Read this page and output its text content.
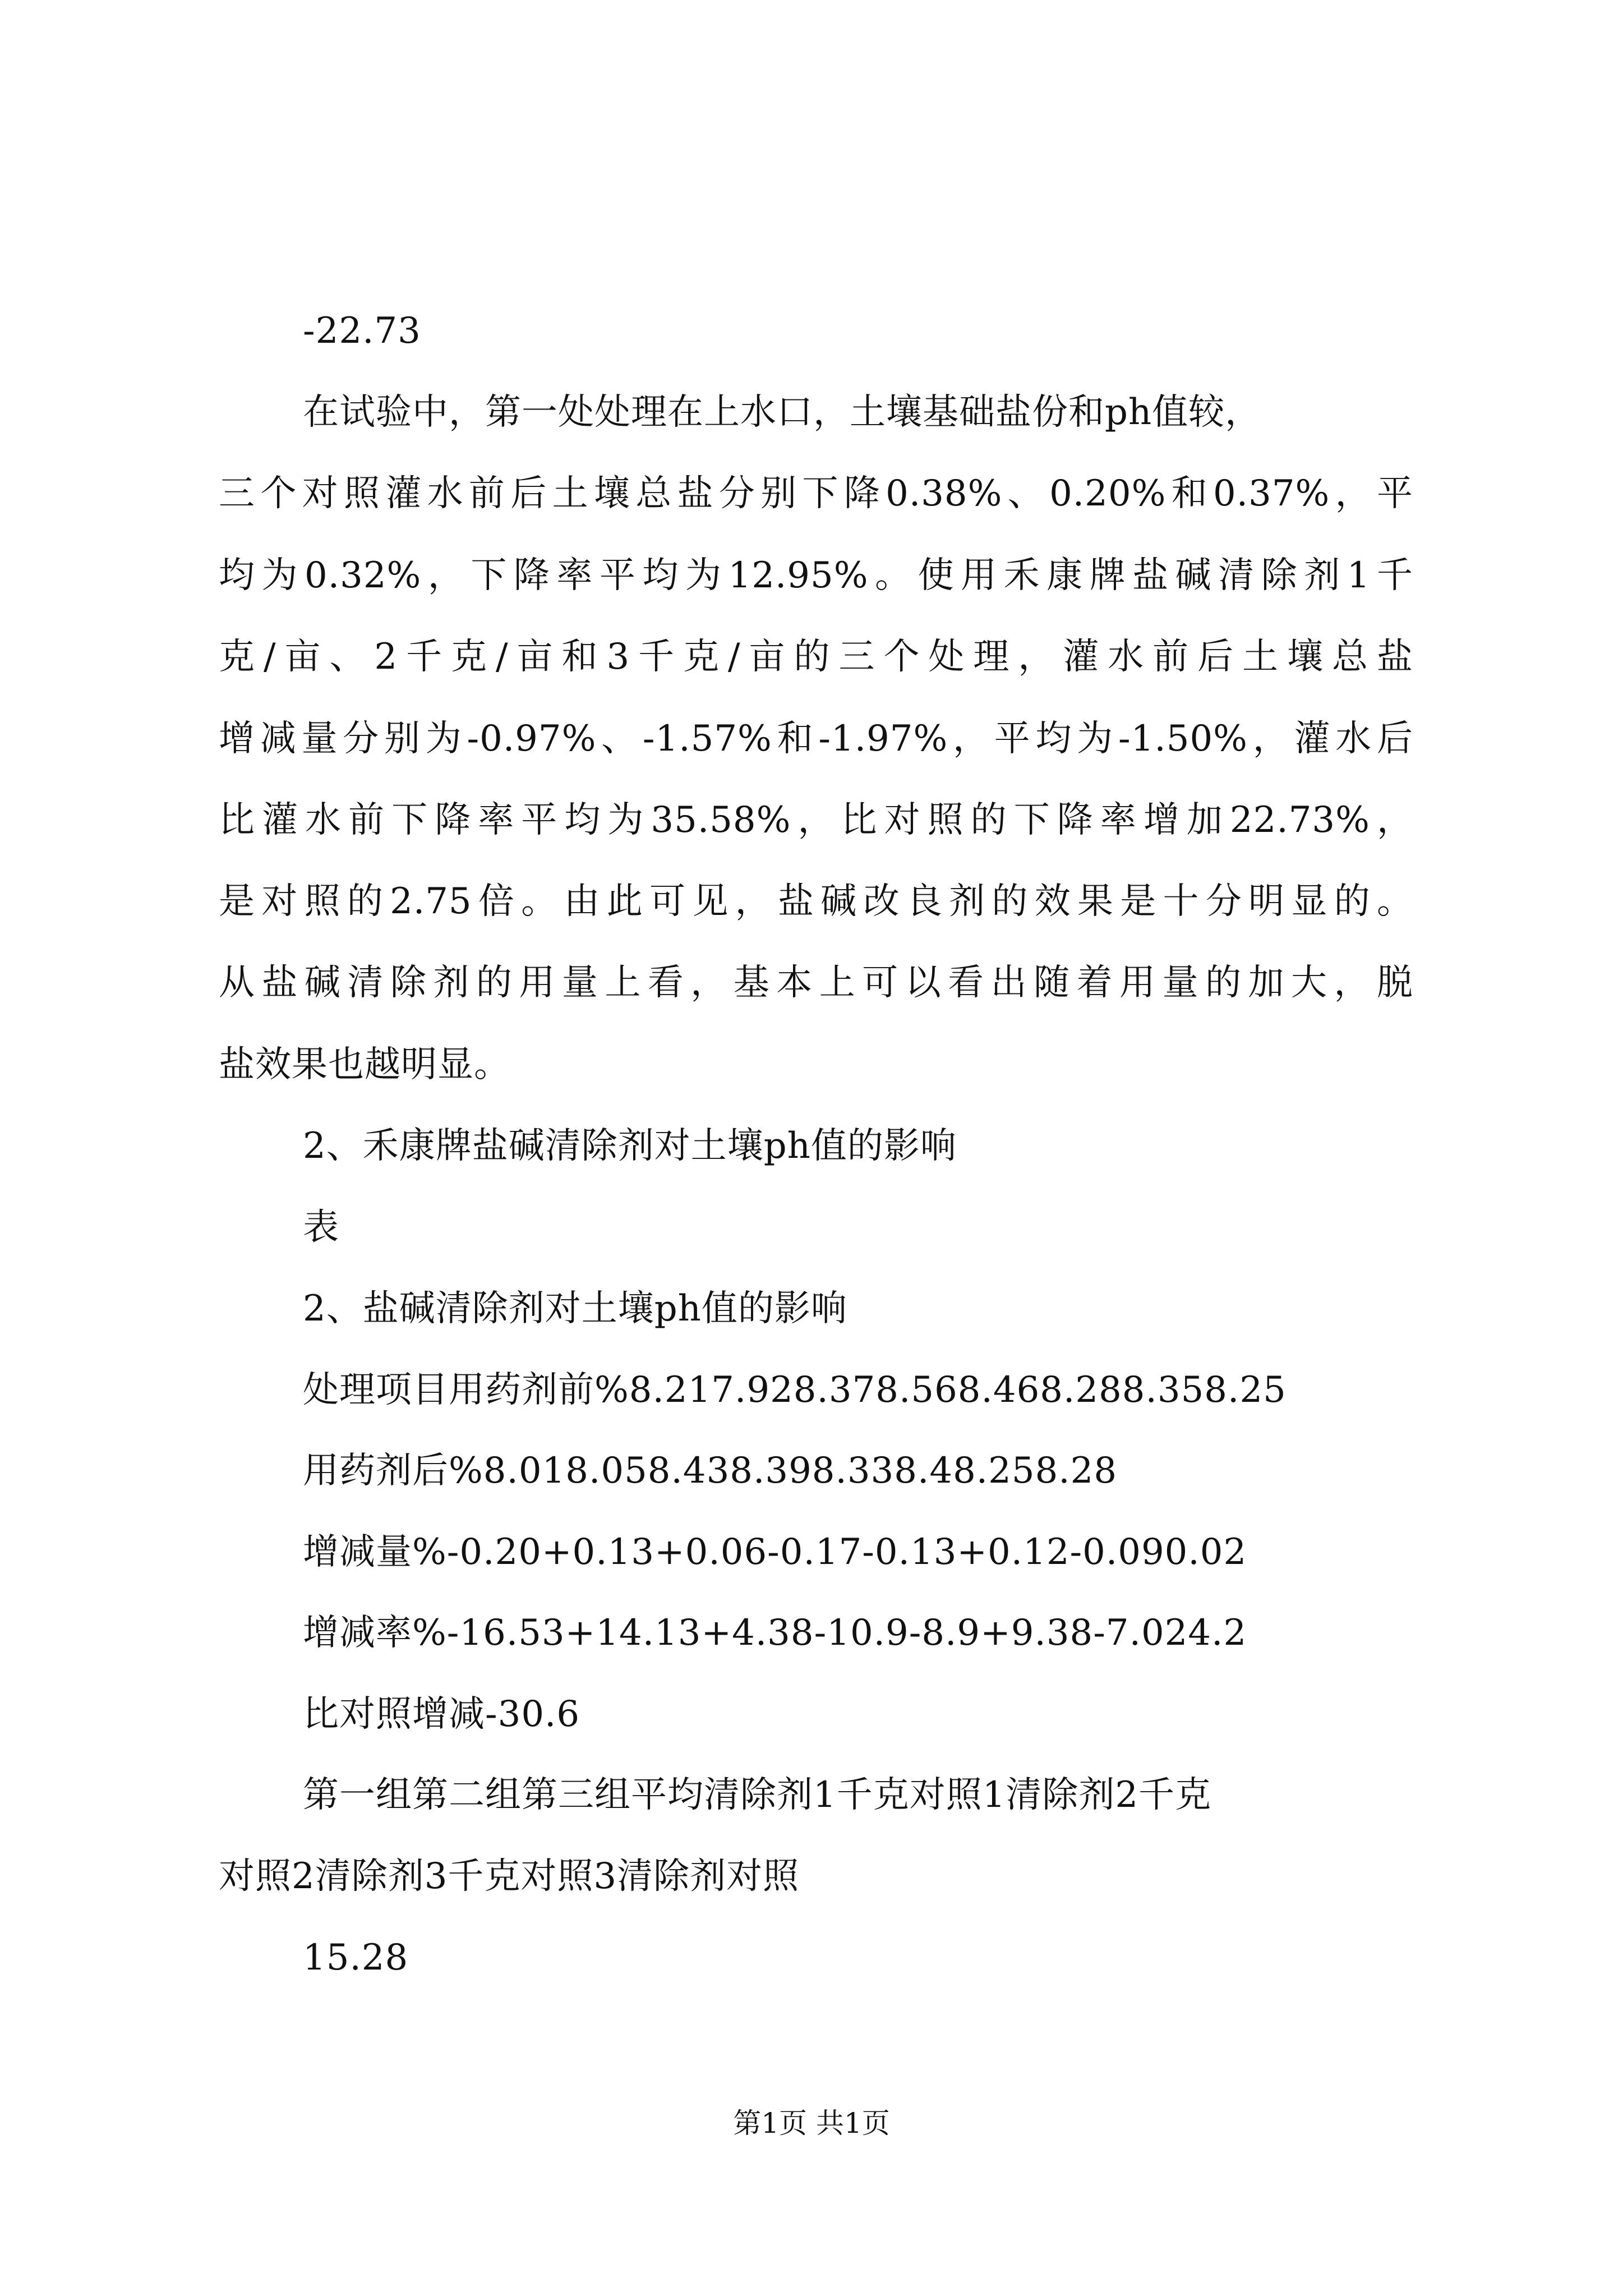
-22.73
在试验中，第一处处理在上水口，土壤基础盐份和ph值较，
三个对照灌水前后土壤总盐分别下降0.38%、0.20%和0.37%，平
均为0.32%，下降率平均为12.95%。使用禾康牌盐碱清除剂1千
克/亩、2千克/亩和3千克/亩的三个处理，灌水前后土壤总盐
增减量分别为-0.97%、-1.57%和-1.97%，平均为-1.50%，灌水后
比灌水前下降率平均为35.58%，比对照的下降率增加22.73%，
是对照的2.75倍。由此可见，盐碱改良剂的效果是十分明显的。
从盐碱清除剂的用量上看，基本上可以看出随着用量的加大，脱
盐效果也越明显。
2、禾康牌盐碱清除剂对土壤ph值的影响
表
2、盐碱清除剂对土壤ph值的影响
处理项目用药剂前%8.217.928.378.568.468.288.358.25
用药剂后%8.018.058.438.398.338.48.258.28
增减量%-0.20+0.13+0.06-0.17-0.13+0.12-0.090.02
增减率%-16.53+14.13+4.38-10.9-8.9+9.38-7.024.2
比对照增减-30.6
第一组第二组第三组平均清除剂1千克对照1清除剂2千克
对照2清除剂3千克对照3清除剂对照
15.28
第1页 共1页
